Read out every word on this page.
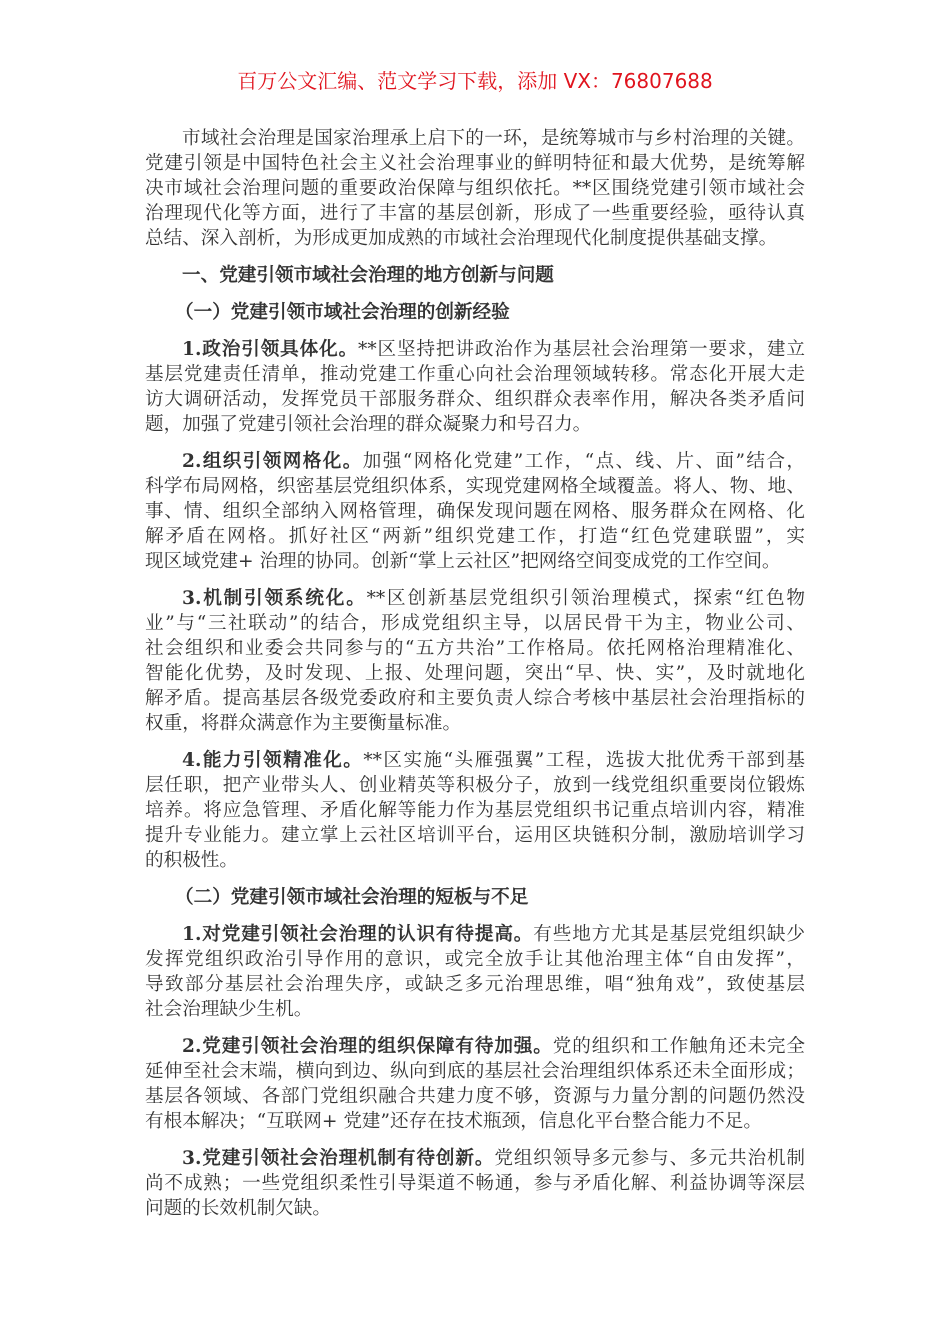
百万公文汇编、范文学习下载，添加 VX：76807688
市域社会治理是国家治理承上启下的一环，是统筹城市与乡村治理的关键。
党建引领是中国特色社会主义社会治理事业的鲜明特征和最大优势，是统筹解
决市域社会治理问题的重要政治保障与组织依托。**区围绕党建引领市域社会
治理现代化等方面，进行了丰富的基层创新，形成了一些重要经验，亟待认真
总结、深入剖析，为形成更加成熟的市域社会治理现代化制度提供基础支撑。
一、党建引领市域社会治理的地方创新与问题
（一）党建引领市域社会治理的创新经验
1.政治引领具体化。**区坚持把讲政治作为基层社会治理第一要求，建立
基层党建责任清单，推动党建工作重心向社会治理领域转移。常态化开展大走
访大调研活动，发挥党员干部服务群众、组织群众表率作用，解决各类矛盾问
题，加强了党建引领社会治理的群众凝聚力和号召力。
2.组织引领网格化。加强“网格化党建”工作，“点、线、片、面”结合，
科学布局网格，织密基层党组织体系，实现党建网格全域覆盖。将人、物、地、
事、情、组织全部纳入网格管理，确保发现问题在网格、服务群众在网格、化
解矛盾在网格。抓好社区“两新”组织党建工作，打造“红色党建联盟”，实
现区域党建+ 治理的协同。创新“掌上云社区”把网络空间变成党的工作空间。
3.机制引领系统化。**区创新基层党组织引领治理模式，探索“红色物
业”与“三社联动”的结合，形成党组织主导，以居民骨干为主，物业公司、
社会组织和业委会共同参与的“五方共治”工作格局。依托网格治理精准化、
智能化优势，及时发现、上报、处理问题，突出“早、快、实”，及时就地化
解矛盾。提高基层各级党委政府和主要负责人综合考核中基层社会治理指标的
权重，将群众满意作为主要衡量标准。
4.能力引领精准化。**区实施“头雁强翼”工程，选拔大批优秀干部到基
层任职，把产业带头人、创业精英等积极分子，放到一线党组织重要岗位锻炼
培养。将应急管理、矛盾化解等能力作为基层党组织书记重点培训内容，精准
提升专业能力。建立掌上云社区培训平台，运用区块链积分制，激励培训学习
的积极性。
（二）党建引领市域社会治理的短板与不足
1.对党建引领社会治理的认识有待提高。有些地方尤其是基层党组织缺少
发挥党组织政治引导作用的意识，或完全放手让其他治理主体“自由发挥”，
导致部分基层社会治理失序，或缺乏多元治理思维，唱“独角戏”，致使基层
社会治理缺少生机。
2.党建引领社会治理的组织保障有待加强。党的组织和工作触角还未完全
延伸至社会末端，横向到边、纵向到底的基层社会治理组织体系还未全面形成；
基层各领域、各部门党组织融合共建力度不够，资源与力量分割的问题仍然没
有根本解决；“互联网+ 党建”还存在技术瓶颈，信息化平台整合能力不足。
3.党建引领社会治理机制有待创新。党组织领导多元参与、多元共治机制
尚不成熟；一些党组织柔性引导渠道不畅通，参与矛盾化解、利益协调等深层
问题的长效机制欠缺。
